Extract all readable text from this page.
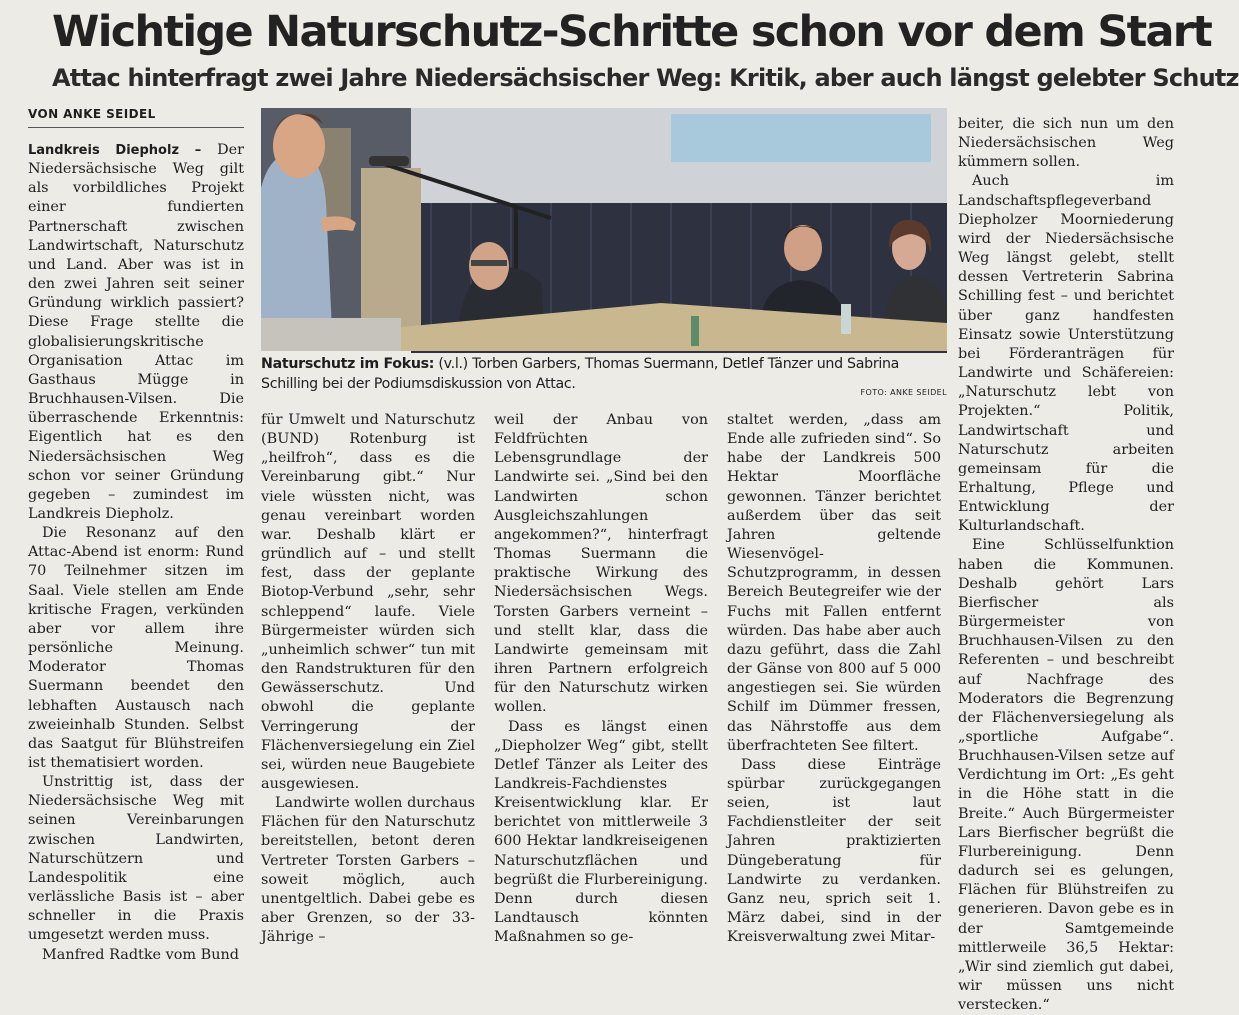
Wichtige Naturschutz-Schritte schon vor dem Start
Attac hinterfragt zwei Jahre Niedersächsischer Weg: Kritik, aber auch längst gelebter Schutz
VON ANKE SEIDEL

Landkreis Diepholz – Der Niedersächsische Weg gilt als vorbildliches Projekt einer fundierten Partnerschaft zwischen Landwirtschaft, Naturschutz und Land. Aber was ist in den zwei Jahren seit seiner Gründung wirklich passiert? Diese Frage stellte die globalisierungskritische Organisation Attac im Gasthaus Mügge in Bruchhausen-Vilsen. Die überraschende Erkenntnis: Eigentlich hat es den Niedersächsischen Weg schon vor seiner Gründung gegeben – zumindest im Landkreis Diepholz.

Die Resonanz auf den Attac-Abend ist enorm: Rund 70 Teilnehmer sitzen im Saal. Viele stellen am Ende kritische Fragen, verkünden aber vor allem ihre persönliche Meinung. Moderator Thomas Suermann beendet den lebhaften Austausch nach zweieinhalb Stunden. Selbst das Saatgut für Blühstreifen ist thematisiert worden.

Unstrittig ist, dass der Niedersächsische Weg mit seinen Vereinbarungen zwischen Landwirten, Naturschützern und Landespolitik eine verlässliche Basis ist – aber schneller in die Praxis umgesetzt werden muss.

Manfred Radtke vom Bund

Naturschutz im Fokus: (v.l.) Torben Garbers, Thomas Suermann, Detlef Tänzer und Sabrina Schilling bei der Podiumsdiskussion von Attac.
FOTO: ANKE SEIDEL

für Umwelt und Naturschutz (BUND) Rotenburg ist „heilfroh“, dass es die Vereinbarung gibt.“ Nur viele wüssten nicht, was genau vereinbart worden war. Deshalb klärt er gründlich auf – und stellt fest, dass der geplante Biotop-Verbund „sehr, sehr schleppend“ laufe. Viele Bürgermeister würden sich „unheimlich schwer“ tun mit den Randstrukturen für den Gewässerschutz. Und obwohl die geplante Verringerung der Flächenversiegelung ein Ziel sei, würden neue Baugebiete ausgewiesen.

Landwirte wollen durchaus Flächen für den Naturschutz bereitstellen, betont deren Vertreter Torsten Garbers – soweit möglich, auch unentgeltlich. Dabei gebe es aber Grenzen, so der 33-Jährige –

weil der Anbau von Feldfrüchten Lebensgrundlage der Landwirte sei. „Sind bei den Landwirten schon Ausgleichszahlungen angekommen?“, hinterfragt Thomas Suermann die praktische Wirkung des Niedersächsischen Wegs. Torsten Garbers verneint – und stellt klar, dass die Landwirte gemeinsam mit ihren Partnern erfolgreich für den Naturschutz wirken wollen.

Dass es längst einen „Diepholzer Weg“ gibt, stellt Detlef Tänzer als Leiter des Landkreis-Fachdienstes Kreisentwicklung klar. Er berichtet von mittlerweile 3 600 Hektar landkreiseigenen Naturschutzflächen und begrüßt die Flurbereinigung. Denn durch diesen Landtausch könnten Maßnahmen so ge-

staltet werden, „dass am Ende alle zufrieden sind“. So habe der Landkreis 500 Hektar Moorfläche gewonnen. Tänzer berichtet außerdem über das seit Jahren geltende Wiesenvögel-Schutzprogramm, in dessen Bereich Beutegreifer wie der Fuchs mit Fallen entfernt würden. Das habe aber auch dazu geführt, dass die Zahl der Gänse von 800 auf 5 000 angestiegen sei. Sie würden Schilf im Dümmer fressen, das Nährstoffe aus dem überfrachteten See filtert.

Dass diese Einträge spürbar zurückgegangen seien, ist laut Fachdienstleiter der seit Jahren praktizierten Düngeberatung für Landwirte zu verdanken. Ganz neu, sprich seit 1. März dabei, sind in der Kreisverwaltung zwei Mitar-

beiter, die sich nun um den Niedersächsischen Weg kümmern sollen.

Auch im Landschaftspflegeverband Diepholzer Moorniederung wird der Niedersächsische Weg längst gelebt, stellt dessen Vertreterin Sabrina Schilling fest – und berichtet über ganz handfesten Einsatz sowie Unterstützung bei Förderanträgen für Landwirte und Schäfereien: „Naturschutz lebt von Projekten.“ Politik, Landwirtschaft und Naturschutz arbeiten gemeinsam für die Erhaltung, Pflege und Entwicklung der Kulturlandschaft.

Eine Schlüsselfunktion haben die Kommunen. Deshalb gehört Lars Bierfischer als Bürgermeister von Bruchhausen-Vilsen zu den Referenten – und beschreibt auf Nachfrage des Moderators die Begrenzung der Flächenversiegelung als „sportliche Aufgabe“. Bruchhausen-Vilsen setze auf Verdichtung im Ort: „Es geht in die Höhe statt in die Breite.“ Auch Bürgermeister Lars Bierfischer begrüßt die Flurbereinigung. Denn dadurch sei es gelungen, Flächen für Blühstreifen zu generieren. Davon gebe es in der Samtgemeinde mittlerweile 36,5 Hektar: „Wir sind ziemlich gut dabei, wir müssen uns nicht verstecken.“
